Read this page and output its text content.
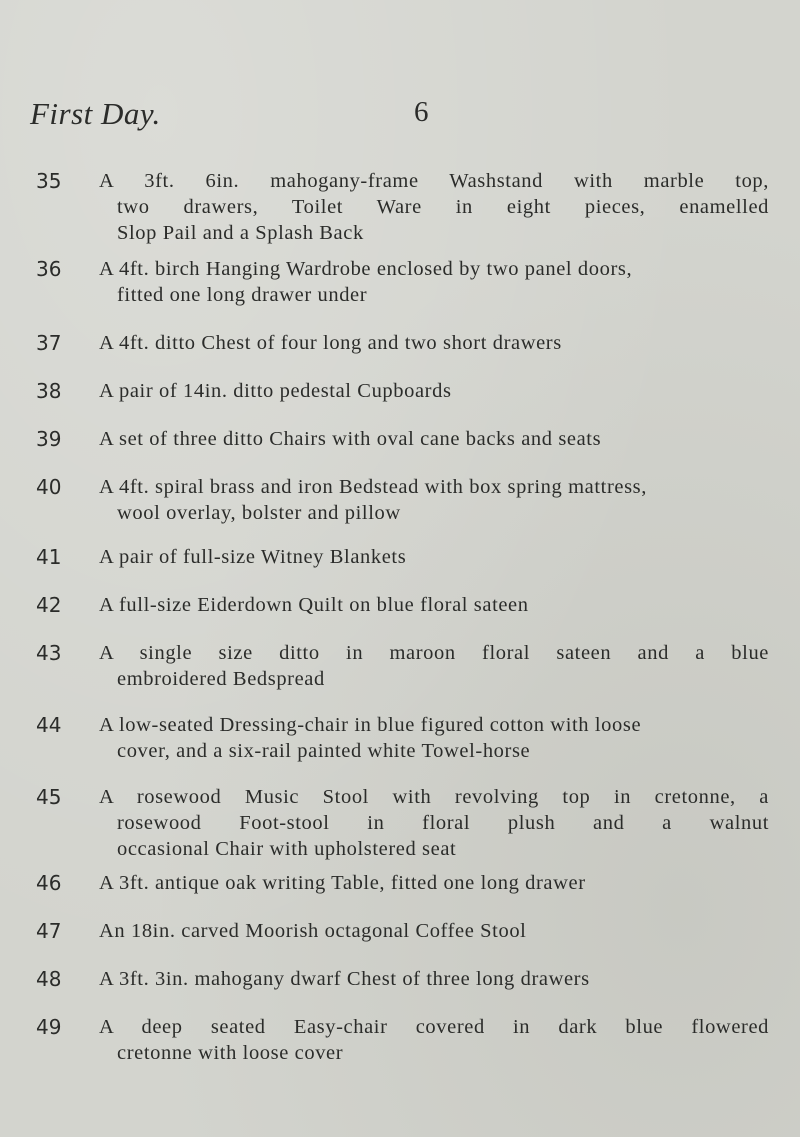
First Day.	6
35	A 3ft. 6in. mahogany-frame Washstand with marble top,
two drawers, Toilet Ware in eight pieces, enamelled
Slop Pail and a Splash Back
36	A 4ft. birch Hanging Wardrobe enclosed by two panel doors,
fitted one long drawer under
37	A 4ft. ditto Chest of four long and two short drawers
38	A pair of 14in. ditto pedestal Cupboards
39	A set of three ditto Chairs with oval cane backs and seats
40	A 4ft. spiral brass and iron Bedstead with box spring mattress,
wool overlay, bolster and pillow
41	A pair of full-size Witney Blankets
42	A full-size Eiderdown Quilt on blue floral sateen
43	A single size ditto in maroon floral sateen and a blue
embroidered Bedspread
44	A low-seated Dressing-chair in blue figured cotton with loose
cover, and a six-rail painted white Towel-horse
45	A rosewood Music Stool with revolving top in cretonne, a
rosewood Foot-stool in floral plush and a walnut
occasional Chair with upholstered seat
46	A 3ft. antique oak writing Table, fitted one long drawer
47	An 18in. carved Moorish octagonal Coffee Stool
48	A 3ft. 3in. mahogany dwarf Chest of three long drawers
49	A deep seated Easy-chair covered in dark blue flowered
cretonne with loose cover
